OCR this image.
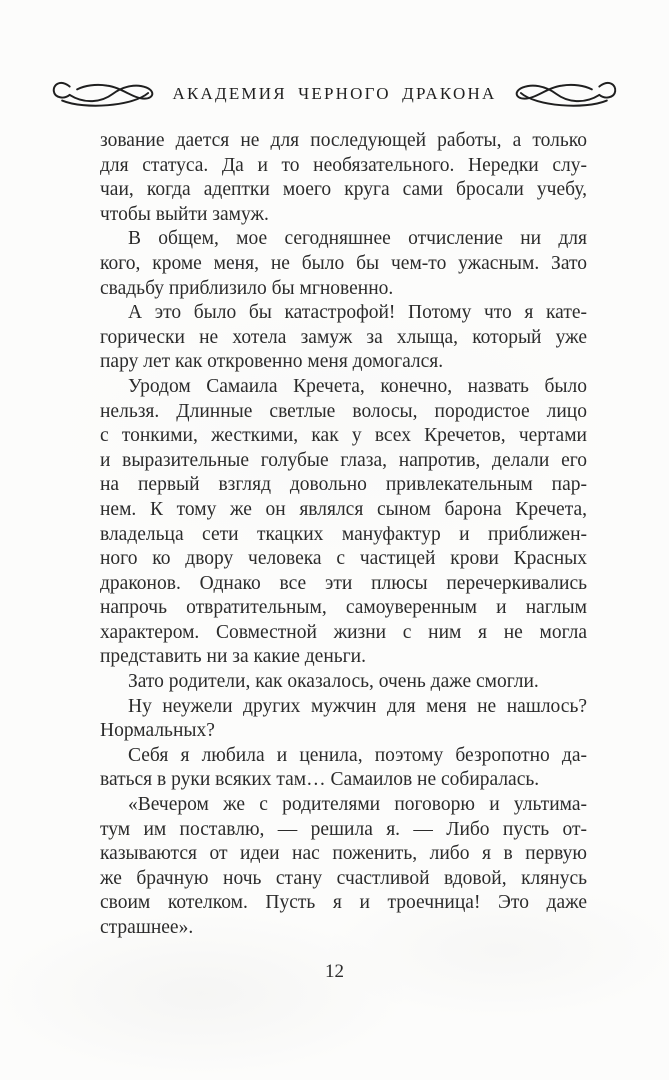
АКАДЕМИЯ ЧЕРНОГО ДРАКОНА
зование дается не для последующей работы, а только
для статуса. Да и то необязательного. Нередки слу-
чаи, когда адептки моего круга сами бросали учебу,
чтобы выйти замуж.
В общем, мое сегодняшнее отчисление ни для
кого, кроме меня, не было бы чем-то ужасным. Зато
свадьбу приблизило бы мгновенно.
А это было бы катастрофой! Потому что я кате-
горически не хотела замуж за хлыща, который уже
пару лет как откровенно меня домогался.
Уродом Самаила Кречета, конечно, назвать было
нельзя. Длинные светлые волосы, породистое лицо
с тонкими, жесткими, как у всех Кречетов, чертами
и выразительные голубые глаза, напротив, делали его
на первый взгляд довольно привлекательным пар-
нем. К тому же он являлся сыном барона Кречета,
владельца сети ткацких мануфактур и приближен-
ного ко двору человека с частицей крови Красных
драконов. Однако все эти плюсы перечеркивались
напрочь отвратительным, самоуверенным и наглым
характером. Совместной жизни с ним я не могла
представить ни за какие деньги.
Зато родители, как оказалось, очень даже смогли.
Ну неужели других мужчин для меня не нашлось?
Нормальных?
Себя я любила и ценила, поэтому безропотно да-
ваться в руки всяких там… Самаилов не собиралась.
«Вечером же с родителями поговорю и ультима-
тум им поставлю, — решила я. — Либо пусть от-
казываются от идеи нас поженить, либо я в первую
же брачную ночь стану счастливой вдовой, клянусь
своим котелком. Пусть я и троечница! Это даже
страшнее».
12
